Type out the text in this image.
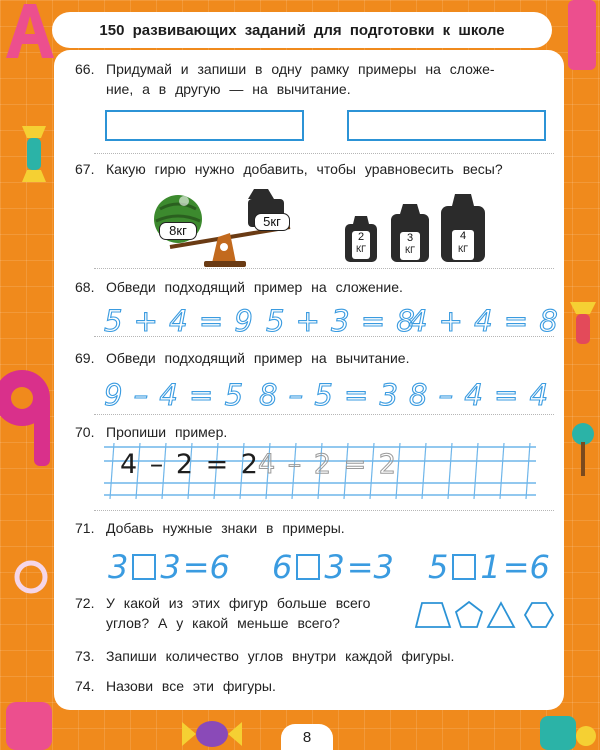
150 развивающих заданий для подготовки к школе
66. Придумай и запиши в одну рамку примеры на сложе-
ние, а в другую — на вычитание.
67. Какую гирю нужно добавить, чтобы уравновесить весы?
8кг
5кг
2
КГ
3
КГ
4
КГ
68. Обведи подходящий пример на сложение.
5 + 4 = 9 5 + 3 = 8
4 + 4 = 8
69. Обведи подходящий пример на вычитание.
9 – 4 = 5 8 – 5 = 3 8 – 4 = 4
70. Пропиши пример.
4 – 2 = 2
4 – 2 = 2
71. Добавь нужные знаки в примеры.
3 3 =6 6 3 =3 5 1 =6
72. У какой из этих фигур больше всего
углов? А у какой меньше всего?
73. Запиши количество углов внутри каждой фигуры.
74. Назови все эти фигуры.
8
